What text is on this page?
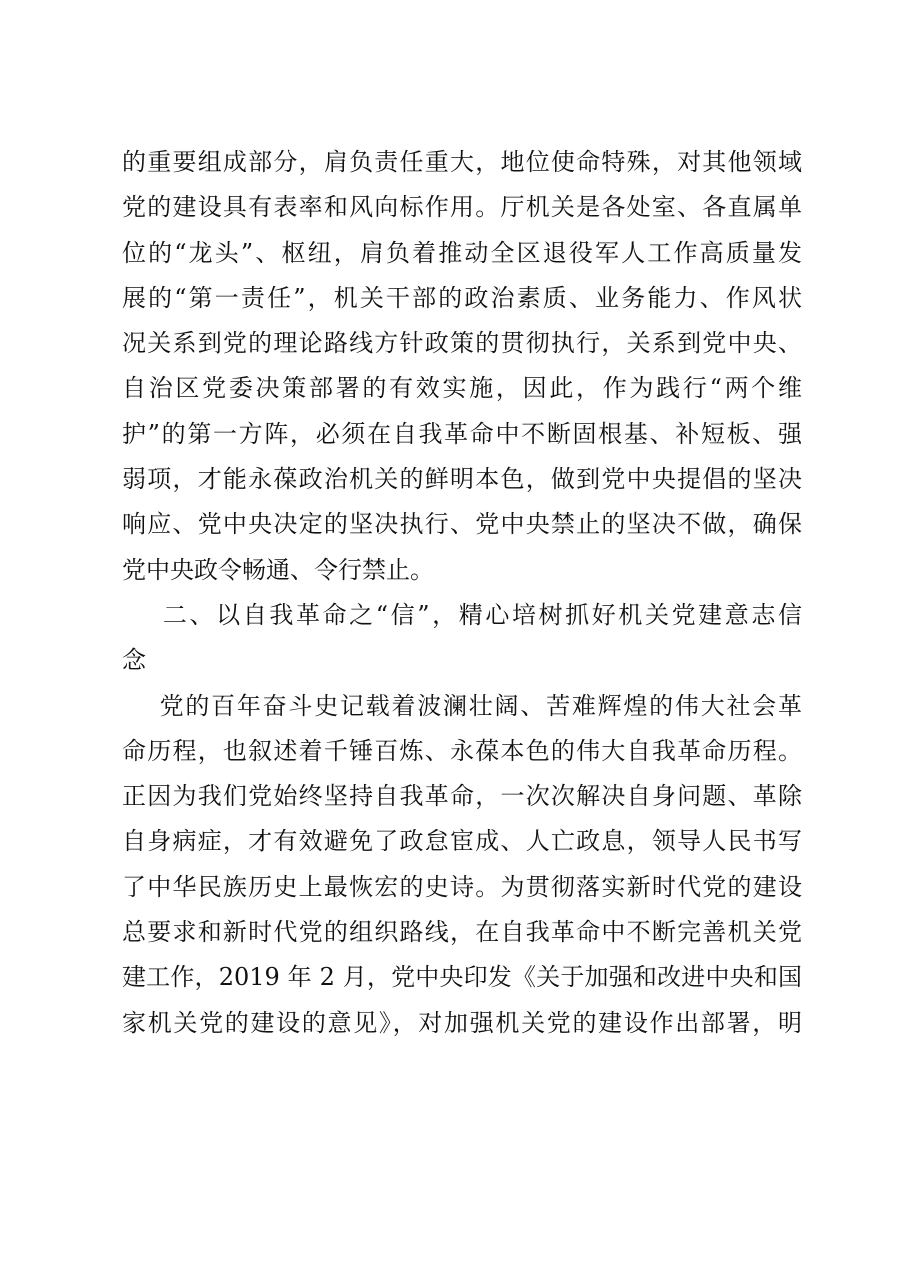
的重要组成部分，肩负责任重大，地位使命特殊，对其他领域
党的建设具有表率和风向标作用。厅机关是各处室、各直属单
位的“龙头”、枢纽，肩负着推动全区退役军人工作高质量发
展的“第一责任”，机关干部的政治素质、业务能力、作风状
况关系到党的理论路线方针政策的贯彻执行，关系到党中央、
自治区党委决策部署的有效实施，因此，作为践行“两个维
护”的第一方阵，必须在自我革命中不断固根基、补短板、强
弱项，才能永葆政治机关的鲜明本色，做到党中央提倡的坚决
响应、党中央决定的坚决执行、党中央禁止的坚决不做，确保
党中央政令畅通、令行禁止。
二、以自我革命之“信”，精心培树抓好机关党建意志信
念
党的百年奋斗史记载着波澜壮阔、苦难辉煌的伟大社会革
命历程，也叙述着千锤百炼、永葆本色的伟大自我革命历程。
正因为我们党始终坚持自我革命，一次次解决自身问题、革除
自身病症，才有效避免了政怠宦成、人亡政息，领导人民书写
了中华民族历史上最恢宏的史诗。为贯彻落实新时代党的建设
总要求和新时代党的组织路线，在自我革命中不断完善机关党
建工作，2019 年 2 月，党中央印发《关于加强和改进中央和国
家机关党的建设的意见》，对加强机关党的建设作出部署，明
